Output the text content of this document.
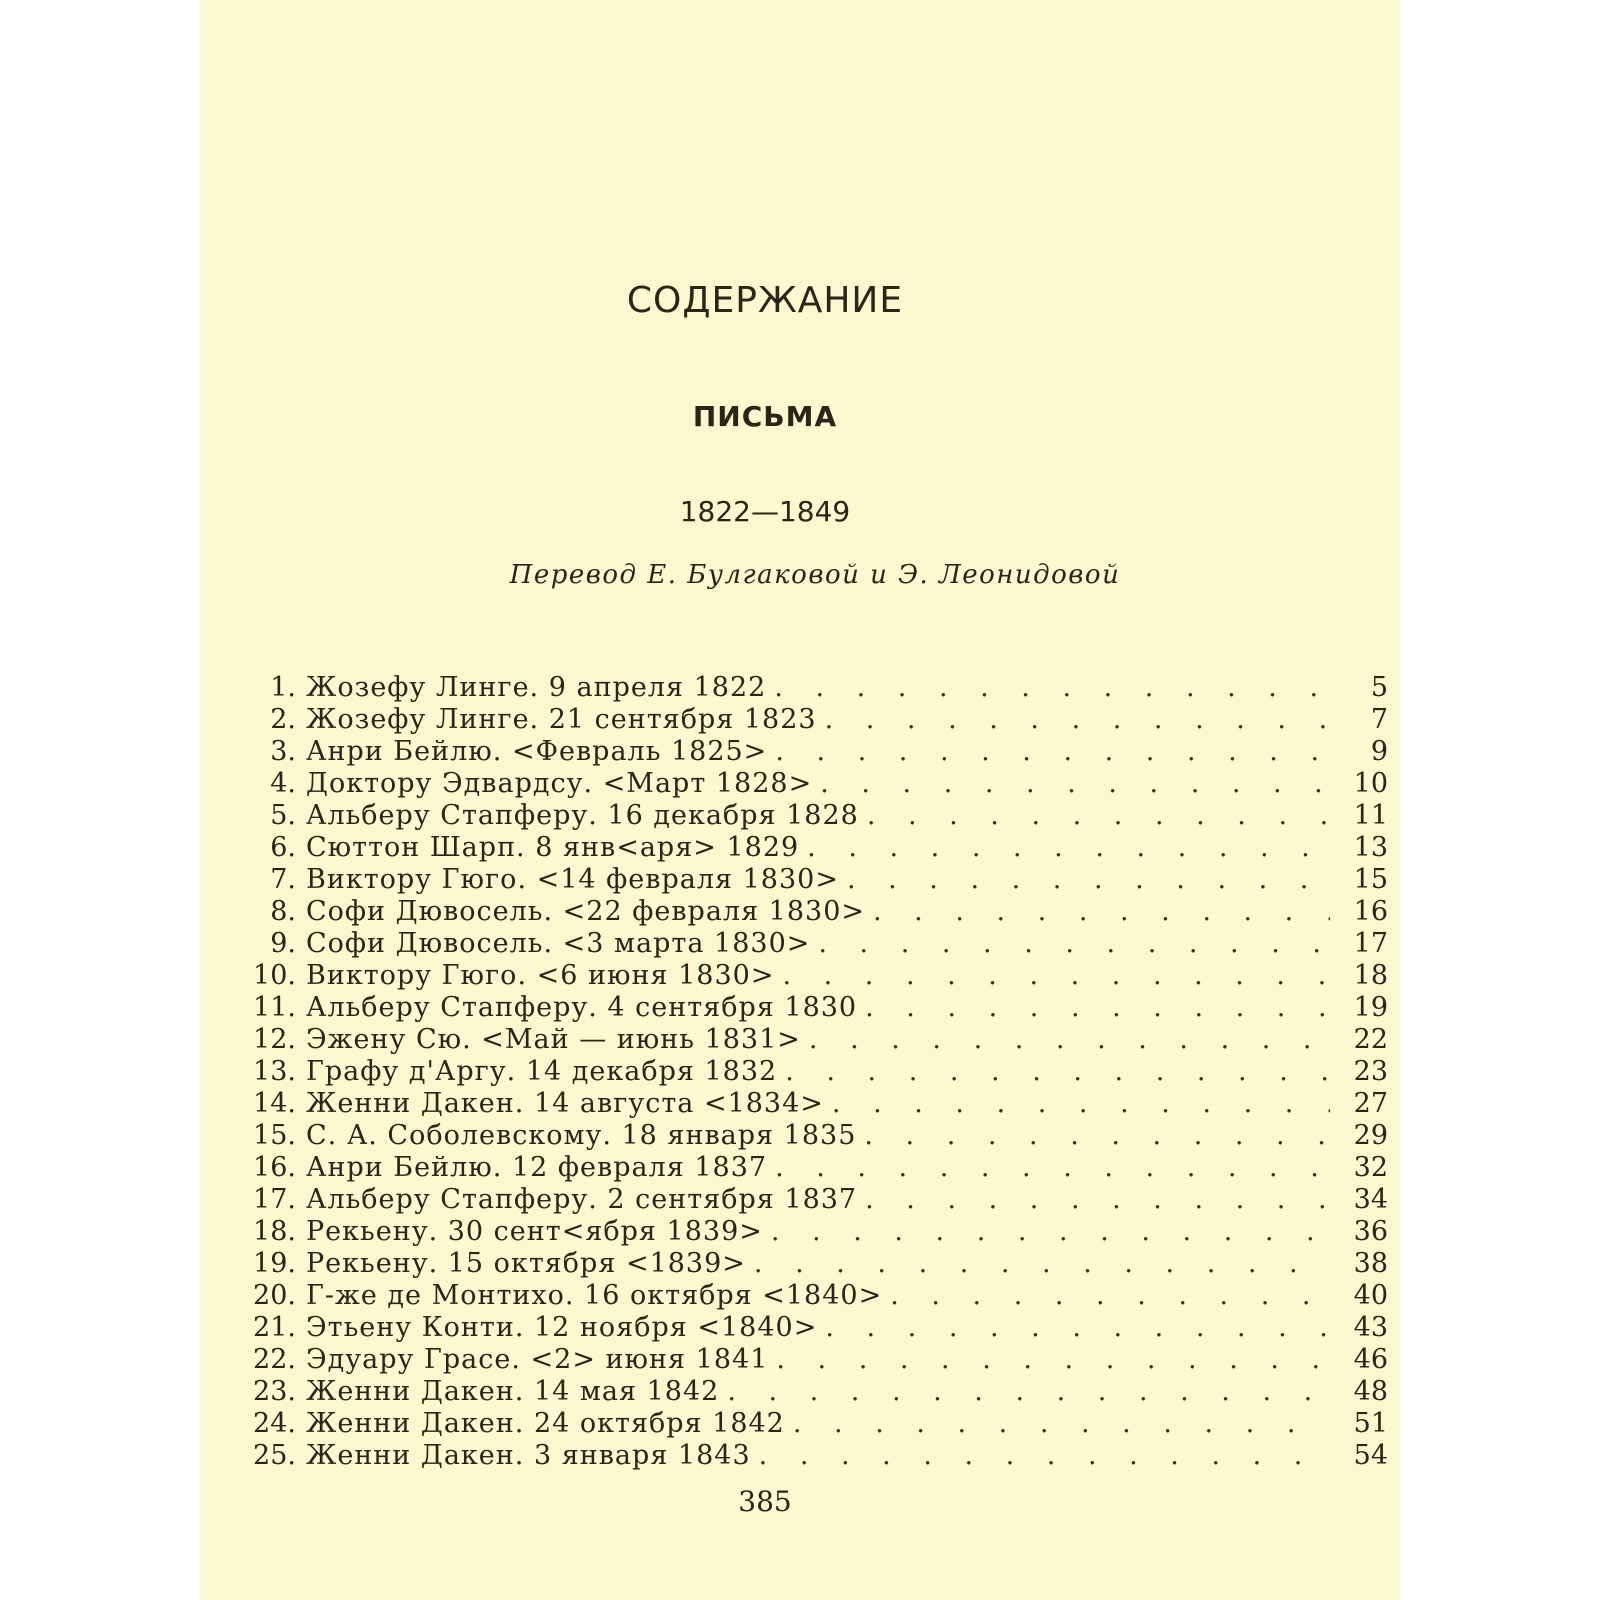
СОДЕРЖАНИЕ
ПИСЬМА
1822—1849
Перевод Е. Булгаковой и Э. Леонидовой
1. Жозефу Линге. 9 апреля 1822 . . .	5
2. Жозефу Линге. 21 сентября 1823 . . .	7
3. Анри Бейлю. <Февраль 1825> . . .	9
4. Доктору Эдвардсу. <Март 1828> . . .	10
5. Альберу Стапферу. 16 декабря 1828 . . .	11
6. Сюттон Шарп. 8 янв<аря> 1829 . . .	13
7. Виктору Гюго. <14 февраля 1830> . . .	15
8. Софи Дювосель. <22 февраля 1830> . . .	16
9. Софи Дювосель. <3 марта 1830> . . .	17
10. Виктору Гюго. <6 июня 1830> . . .	18
11. Альберу Стапферу. 4 сентября 1830 . . .	19
12. Эжену Сю. <Май — июнь 1831> . . .	22
13. Графу д'Аргу. 14 декабря 1832 . . .	23
14. Женни Дакен. 14 августа <1834> . . .	27
15. С. А. Соболевскому. 18 января 1835 . . .	29
16. Анри Бейлю. 12 февраля 1837 . . .	32
17. Альберу Стапферу. 2 сентября 1837 . . .	34
18. Рекьену. 30 сент<ября 1839> . . .	36
19. Рекьену. 15 октября <1839> . . .	38
20. Г-же де Монтихо. 16 октября <1840> . . .	40
21. Этьену Конти. 12 ноября <1840> . . .	43
22. Эдуару Грасе. <2> июня 1841 . . .	46
23. Женни Дакен. 14 мая 1842 . . .	48
24. Женни Дакен. 24 октября 1842 . . .	51
25. Женни Дакен. 3 января 1843 . . .	54
385
